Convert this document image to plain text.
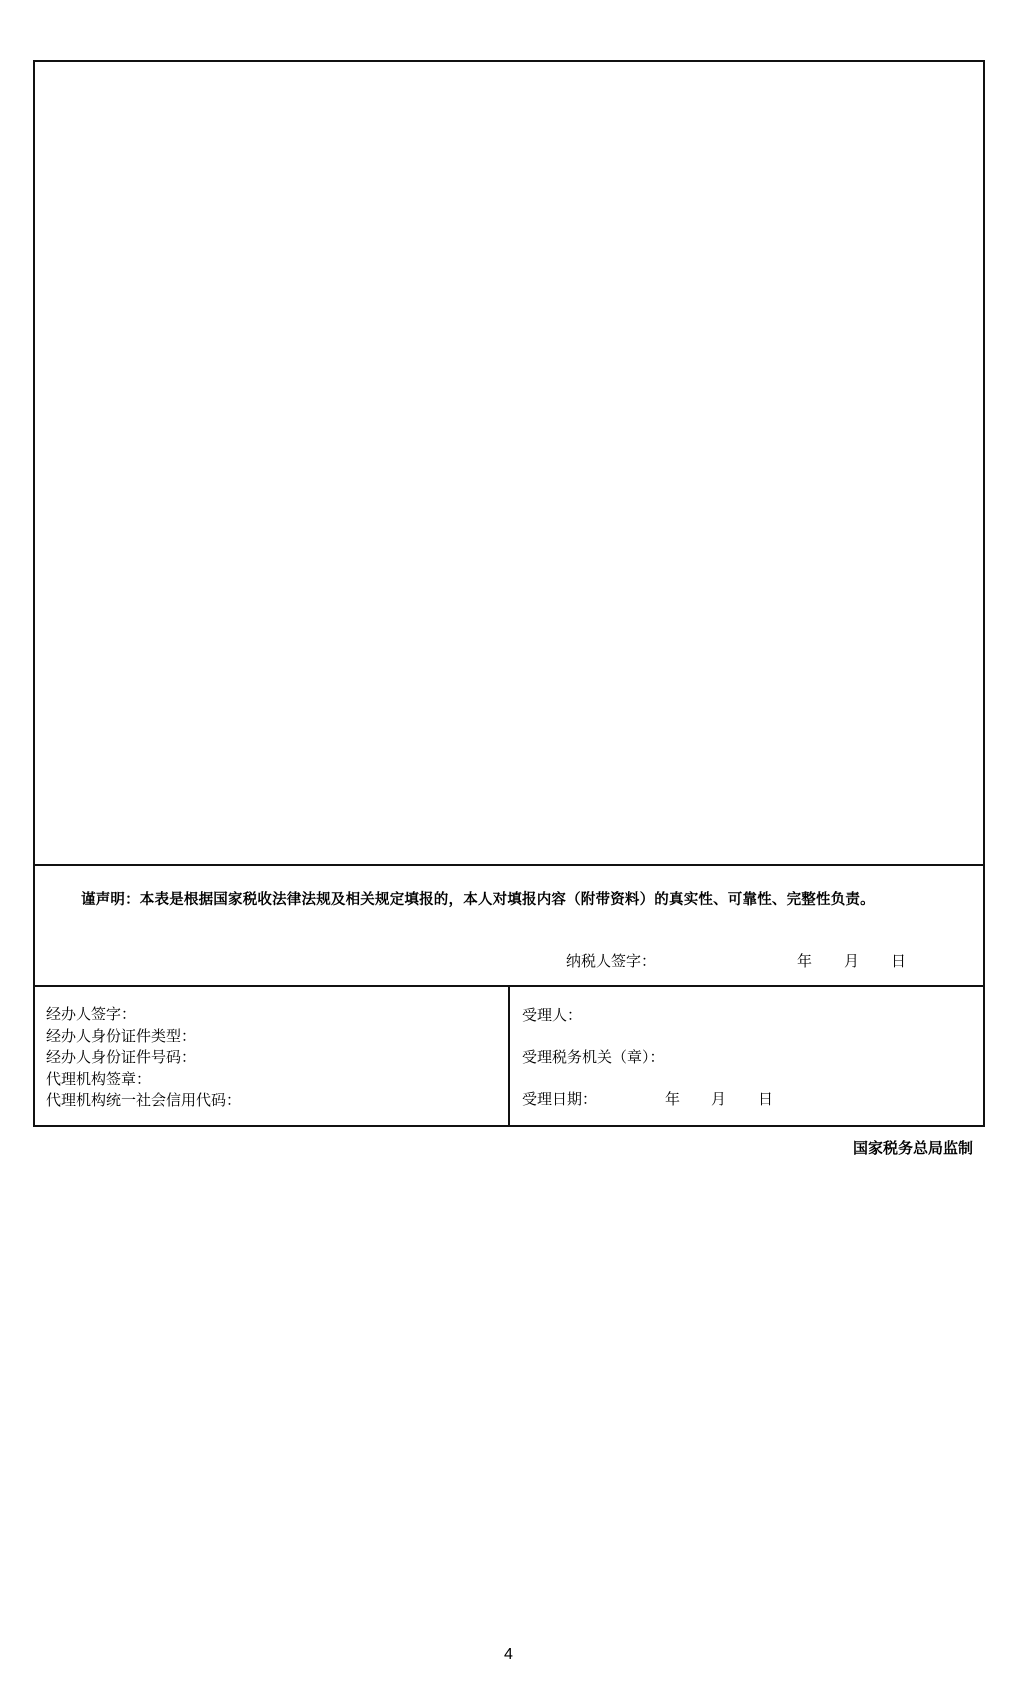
谨声明：本表是根据国家税收法律法规及相关规定填报的，本人对填报内容（附带资料）的真实性、可靠性、完整性负责。
纳税人签字：	年 月 日
经办人签字：
经办人身份证件类型：
经办人身份证件号码：
代理机构签章：
代理机构统一社会信用代码：
受理人：
受理税务机关（章）：
受理日期：	年 月 日
国家税务总局监制
4
